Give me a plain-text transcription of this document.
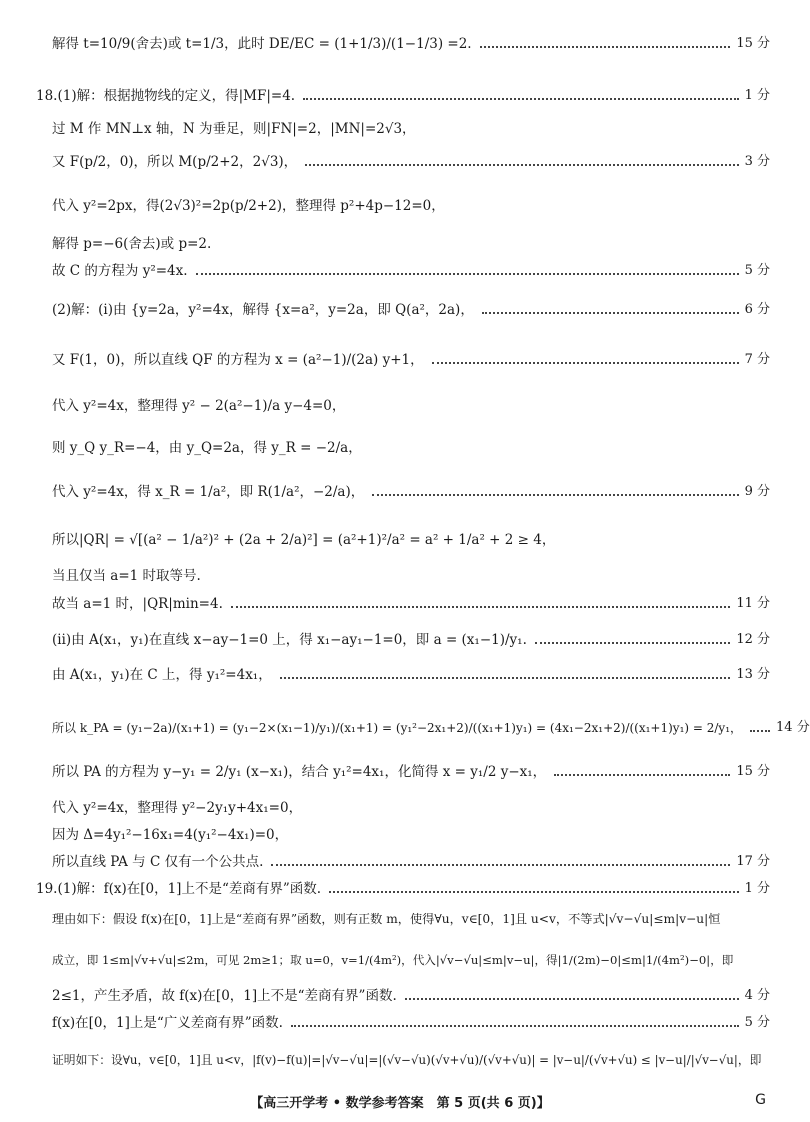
解得 t=10/9(舍去)或 t=1/3，此时 DE/EC = (1+1/3)/(1−1/3) =2.	15 分
18.(1)解：根据抛物线的定义，得|MF|=4.	1 分
过 M 作 MN⊥x 轴，N 为垂足，则|FN|=2，|MN|=2√3，
又 F(p/2，0)，所以 M(p/2+2，2√3)，	3 分
代入 y²=2px，得(2√3)²=2p(p/2+2)，整理得 p²+4p−12=0，
解得 p=−6(舍去)或 p=2.
故 C 的方程为 y²=4x.	5 分
(2)解：(ⅰ)由 {y=2a，y²=4x，解得 {x=a²，y=2a，即 Q(a²，2a)，	6 分
又 F(1，0)，所以直线 QF 的方程为 x = (a²−1)/(2a) y+1，	7 分
代入 y²=4x，整理得 y² − 2(a²−1)/a y−4=0，
则 y_Q y_R=−4，由 y_Q=2a，得 y_R = −2/a，
代入 y²=4x，得 x_R = 1/a²，即 R(1/a²，−2/a)，	9 分
所以|QR| = √[(a² − 1/a²)² + (2a + 2/a)²] = (a²+1)²/a² = a² + 1/a² + 2 ≥ 4，
当且仅当 a=1 时取等号.
故当 a=1 时，|QR|min=4.	11 分
(ⅱ)由 A(x₁，y₁)在直线 x−ay−1=0 上，得 x₁−ay₁−1=0，即 a = (x₁−1)/y₁.	12 分
由 A(x₁，y₁)在 C 上，得 y₁²=4x₁，	13 分
所以 k_PA = (y₁−2a)/(x₁+1) = (y₁−2×(x₁−1)/y₁)/(x₁+1) = (y₁²−2x₁+2)/((x₁+1)y₁) = (4x₁−2x₁+2)/((x₁+1)y₁) = 2/y₁，	14 分
所以 PA 的方程为 y−y₁ = 2/y₁ (x−x₁)，结合 y₁²=4x₁，化简得 x = y₁/2 y−x₁，	15 分
代入 y²=4x，整理得 y²−2y₁y+4x₁=0，
因为 Δ=4y₁²−16x₁=4(y₁²−4x₁)=0，
所以直线 PA 与 C 仅有一个公共点.	17 分
19.(1)解：f(x)在[0，1]上不是“差商有界”函数.	1 分
理由如下：假设 f(x)在[0，1]上是“差商有界”函数，则有正数 m，使得∀u，v∈[0，1]且 u<v，不等式|√v−√u|≤m|v−u|恒
成立，即 1≤m|√v+√u|≤2m，可见 2m≥1；取 u=0，v=1/(4m²)，代入|√v−√u|≤m|v−u|，得|1/(2m)−0|≤m|1/(4m²)−0|，即
2≤1，产生矛盾，故 f(x)在[0，1]上不是“差商有界”函数.	4 分
f(x)在[0，1]上是“广义差商有界”函数.	5 分
证明如下：设∀u，v∈[0，1]且 u<v，|f(v)−f(u)|=|√v−√u|=|(√v−√u)(√v+√u)/(√v+√u)| = |v−u|/(√v+√u) ≤ |v−u|/|√v−√u|，即
【高三开学考 • 数学参考答案　第 5 页(共 6 页)】	G
